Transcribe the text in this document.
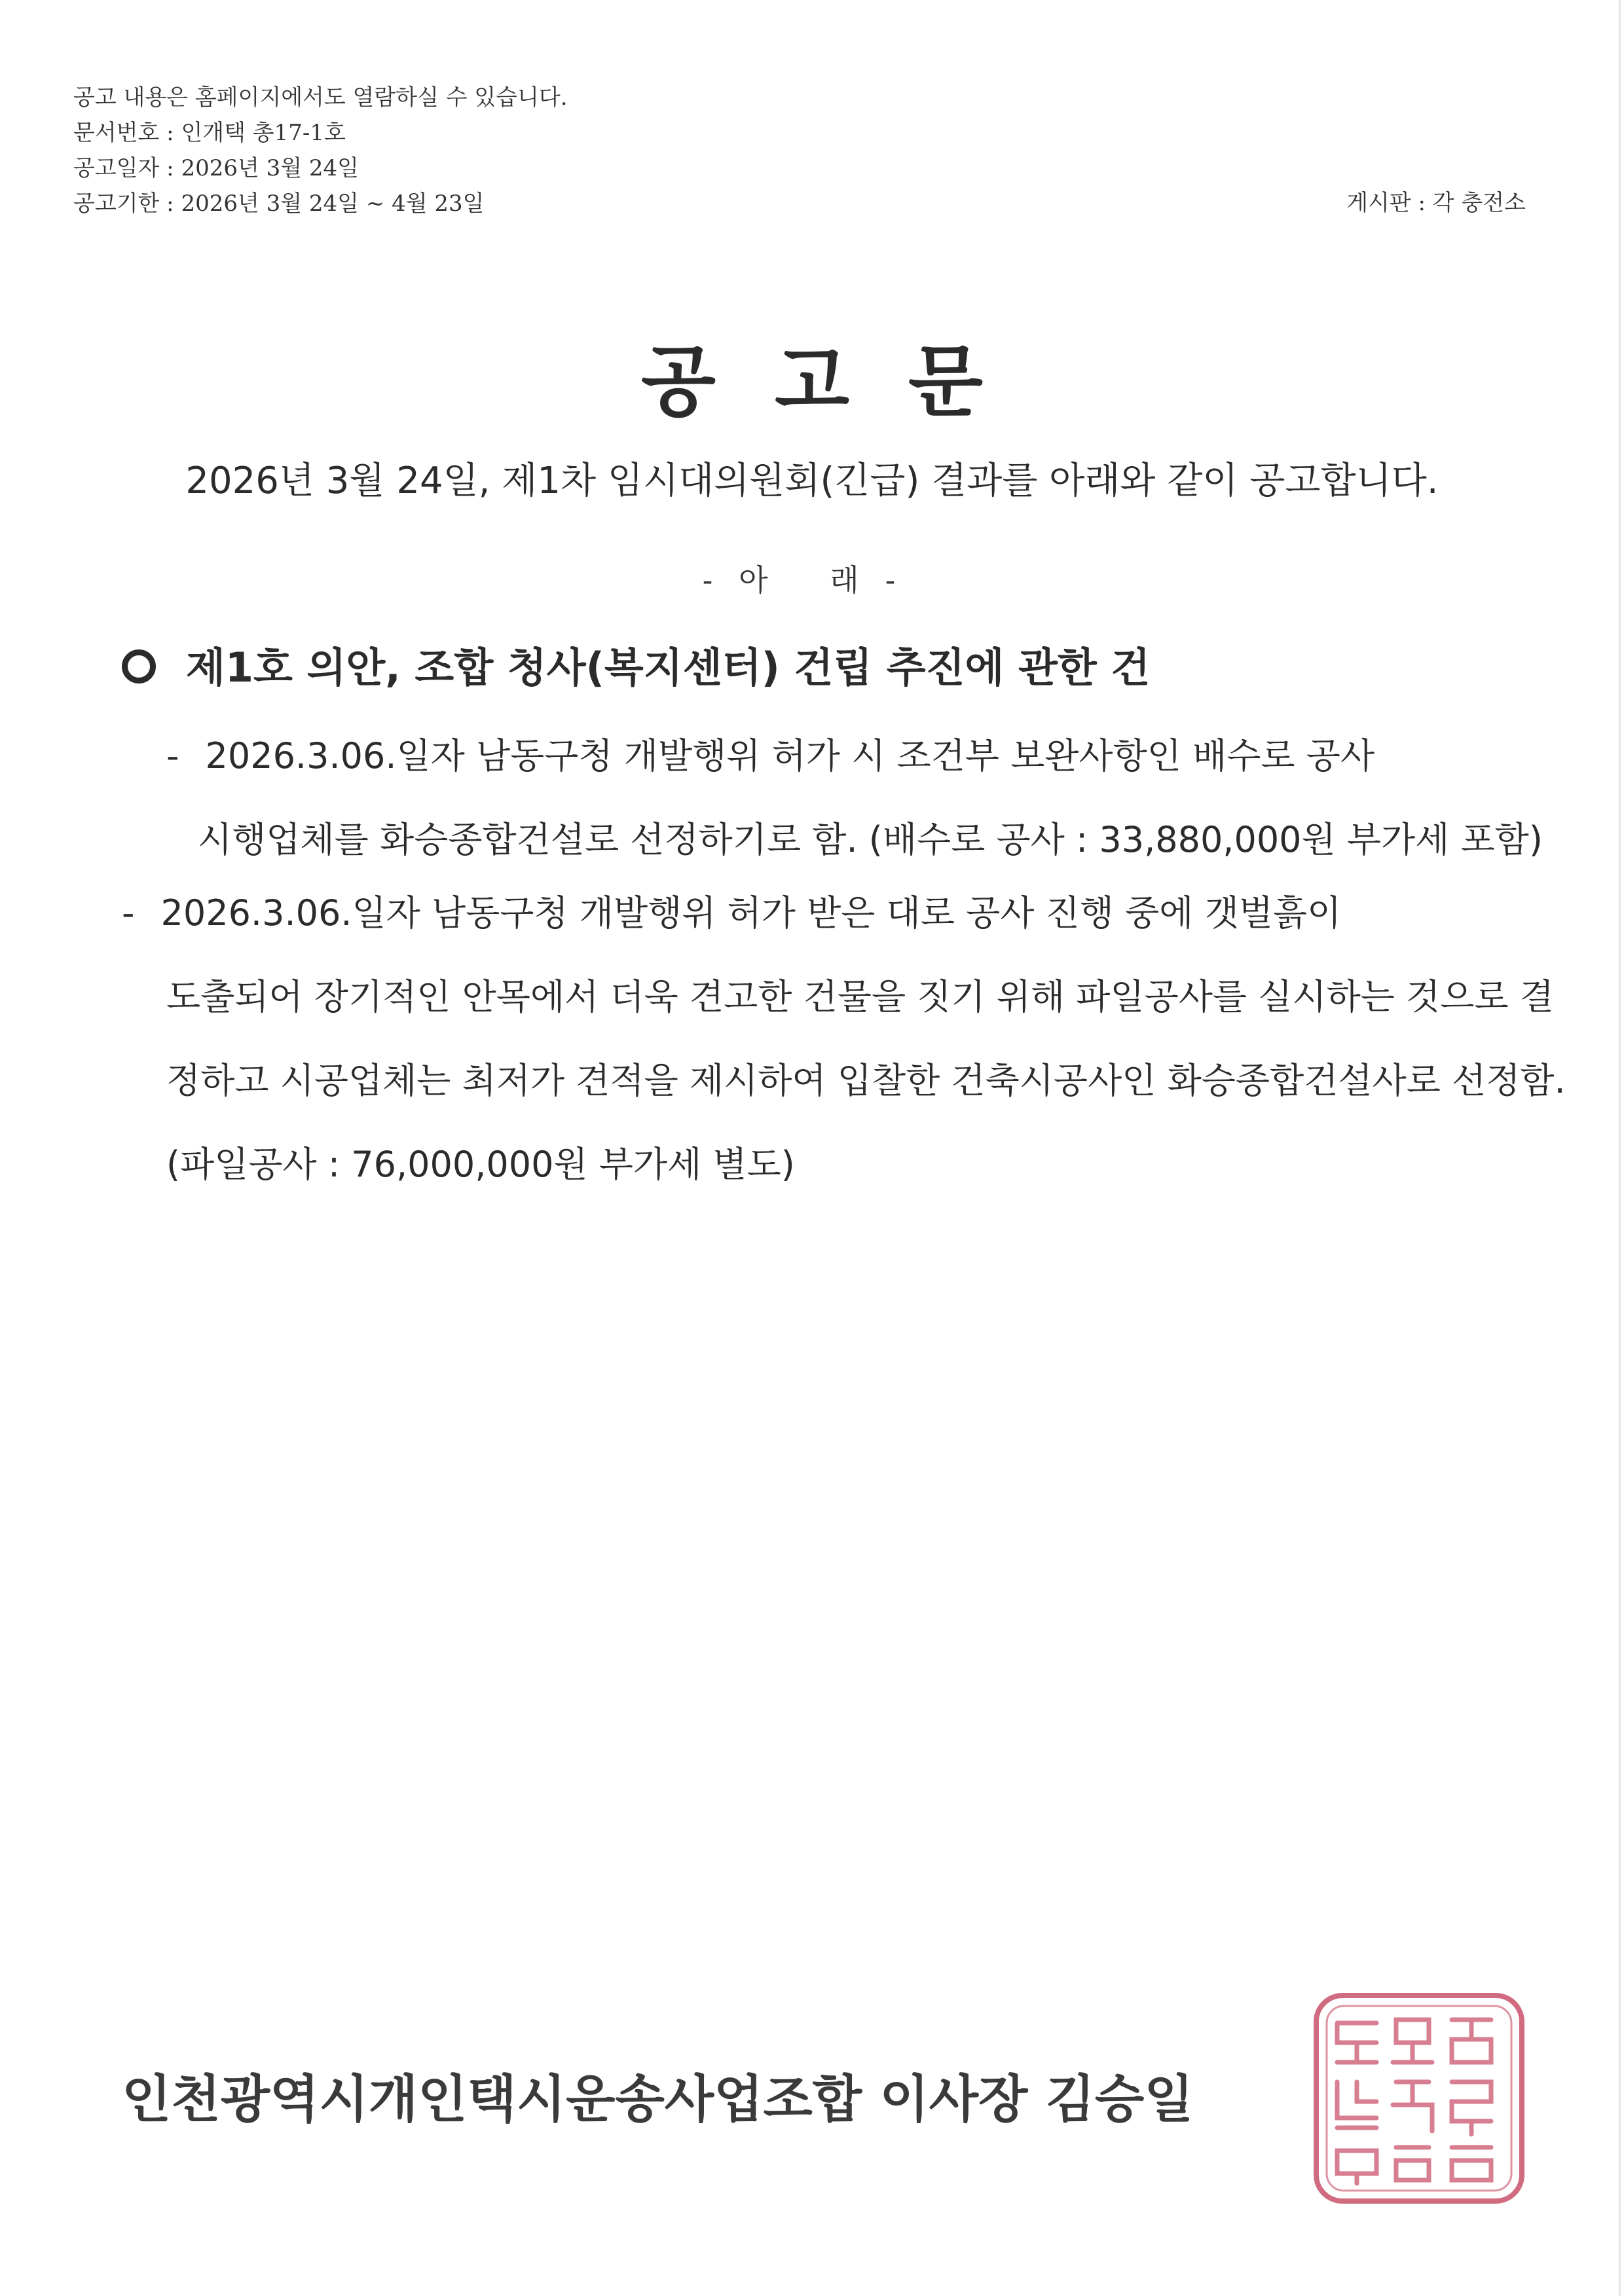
공고 내용은 홈페이지에서도 열람하실 수 있습니다.
문서번호 : 인개택 총17-1호
공고일자 : 2026년 3월 24일
공고기한 : 2026년 3월 24일 ~ 4월 23일	게시판 : 각 충전소
공고문
2026년 3월 24일, 제1차 임시대의원회(긴급) 결과를 아래와 같이 공고합니다.
-아 래-
제1호 의안, 조합 청사(복지센터) 건립 추진에 관한 건
- 2026.3.06.일자 남동구청 개발행위 허가 시 조건부 보완사항인 배수로 공사
시행업체를 화승종합건설로 선정하기로 함. (배수로 공사 : 33,880,000원 부가세 포함)
- 2026.3.06.일자 남동구청 개발행위 허가 받은 대로 공사 진행 중에 갯벌흙이
도출되어 장기적인 안목에서 더욱 견고한 건물을 짓기 위해 파일공사를 실시하는 것으로 결
정하고 시공업체는 최저가 견적을 제시하여 입찰한 건축시공사인 화승종합건설사로 선정함.
(파일공사 : 76,000,000원 부가세 별도)
인천광역시개인택시운송사업조합 이사장 김승일
